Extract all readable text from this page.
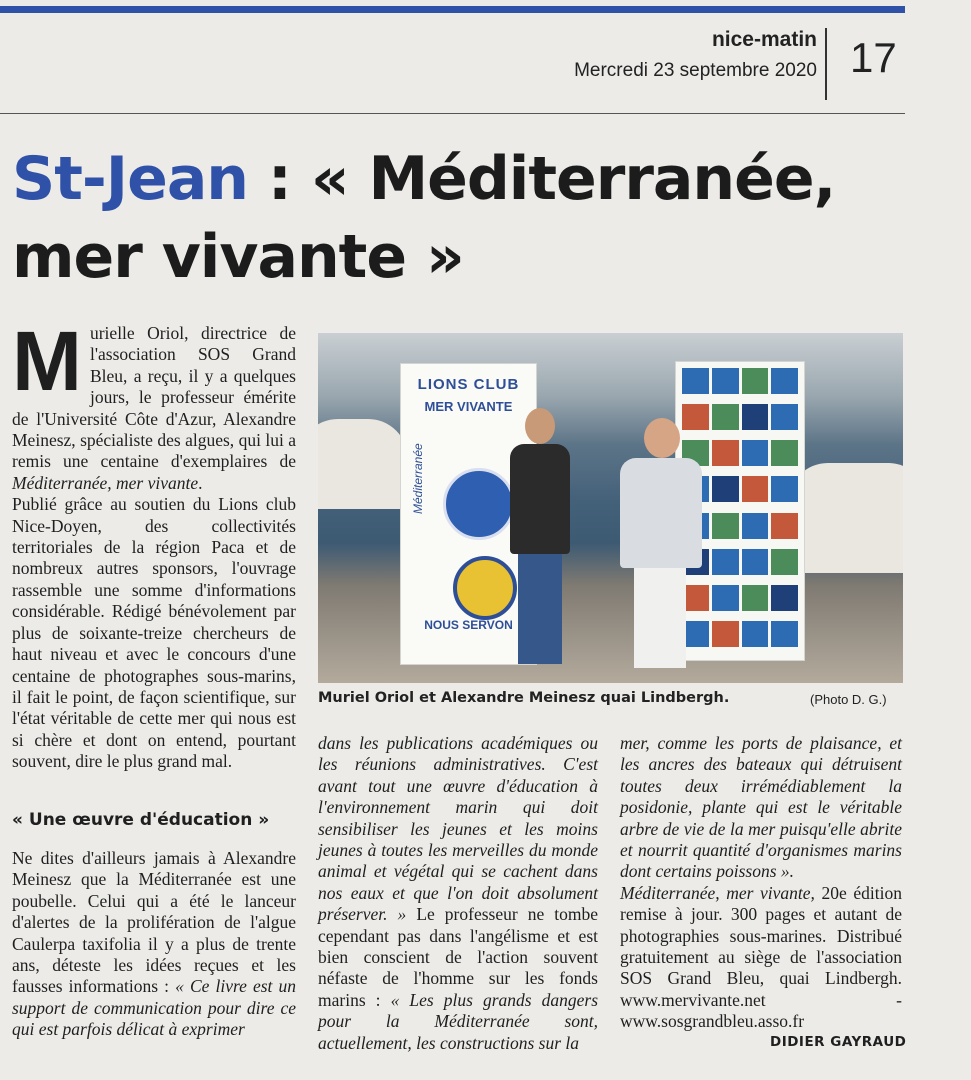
nice-matin
Mercredi 23 septembre 2020 17
St-Jean : « Méditerranée,
mer vivante »

Murielle Oriol, directrice de l'association SOS Grand Bleu, a reçu, il y a quelques jours, le professeur émérite de l'Université Côte d'Azur, Alexandre Meinesz, spécialiste des algues, qui lui a remis une centaine d'exemplaires de Méditerranée, mer vivante.

Publié grâce au soutien du Lions club Nice-Doyen, des collectivités territoriales de la région Paca et de nombreux autres sponsors, l'ouvrage rassemble une somme d'informations considérable. Rédigé bénévolement par plus de soixante-treize chercheurs de haut niveau et avec le concours d'une centaine de photographes sous-marins, il fait le point, de façon scientifique, sur l'état véritable de cette mer qui nous est si chère et dont on entend, pourtant souvent, dire le plus grand mal.

« Une œuvre d'éducation »

Ne dites d'ailleurs jamais à Alexandre Meinesz que la Méditerranée est une poubelle. Celui qui a été le lanceur d'alertes de la prolifération de l'algue Caulerpa taxifolia il y a plus de trente ans, déteste les idées reçues et les fausses informations : « Ce livre est un support de communication pour dire ce qui est parfois délicat à exprimer

LIONS CLUB
MER VIVANTE
Méditerranée
NOUS SERVON
Muriel Oriol et Alexandre Meinesz quai Lindbergh.	(Photo D. G.)

dans les publications académiques ou les réunions administratives. C'est avant tout une œuvre d'éducation à l'environnement marin qui doit sensibiliser les jeunes et les moins jeunes à toutes les merveilles du monde animal et végétal qui se cachent dans nos eaux et que l'on doit absolument préserver. » Le professeur ne tombe cependant pas dans l'angélisme et est bien conscient de l'action souvent néfaste de l'homme sur les fonds marins : « Les plus grands dangers pour la Méditerranée sont, actuellement, les constructions sur la

mer, comme les ports de plaisance, et les ancres des bateaux qui détruisent toutes deux irrémédiablement la posidonie, plante qui est le véritable arbre de vie de la mer puisqu'elle abrite et nourrit quantité d'organismes marins dont certains poissons ».

Méditerranée, mer vivante, 20e édition remise à jour. 300 pages et autant de photographies sous-marines. Distribué gratuitement au siège de l'association SOS Grand Bleu, quai Lindbergh. www.mervivante.net - www.sosgrandbleu.asso.fr

DIDIER GAYRAUD
